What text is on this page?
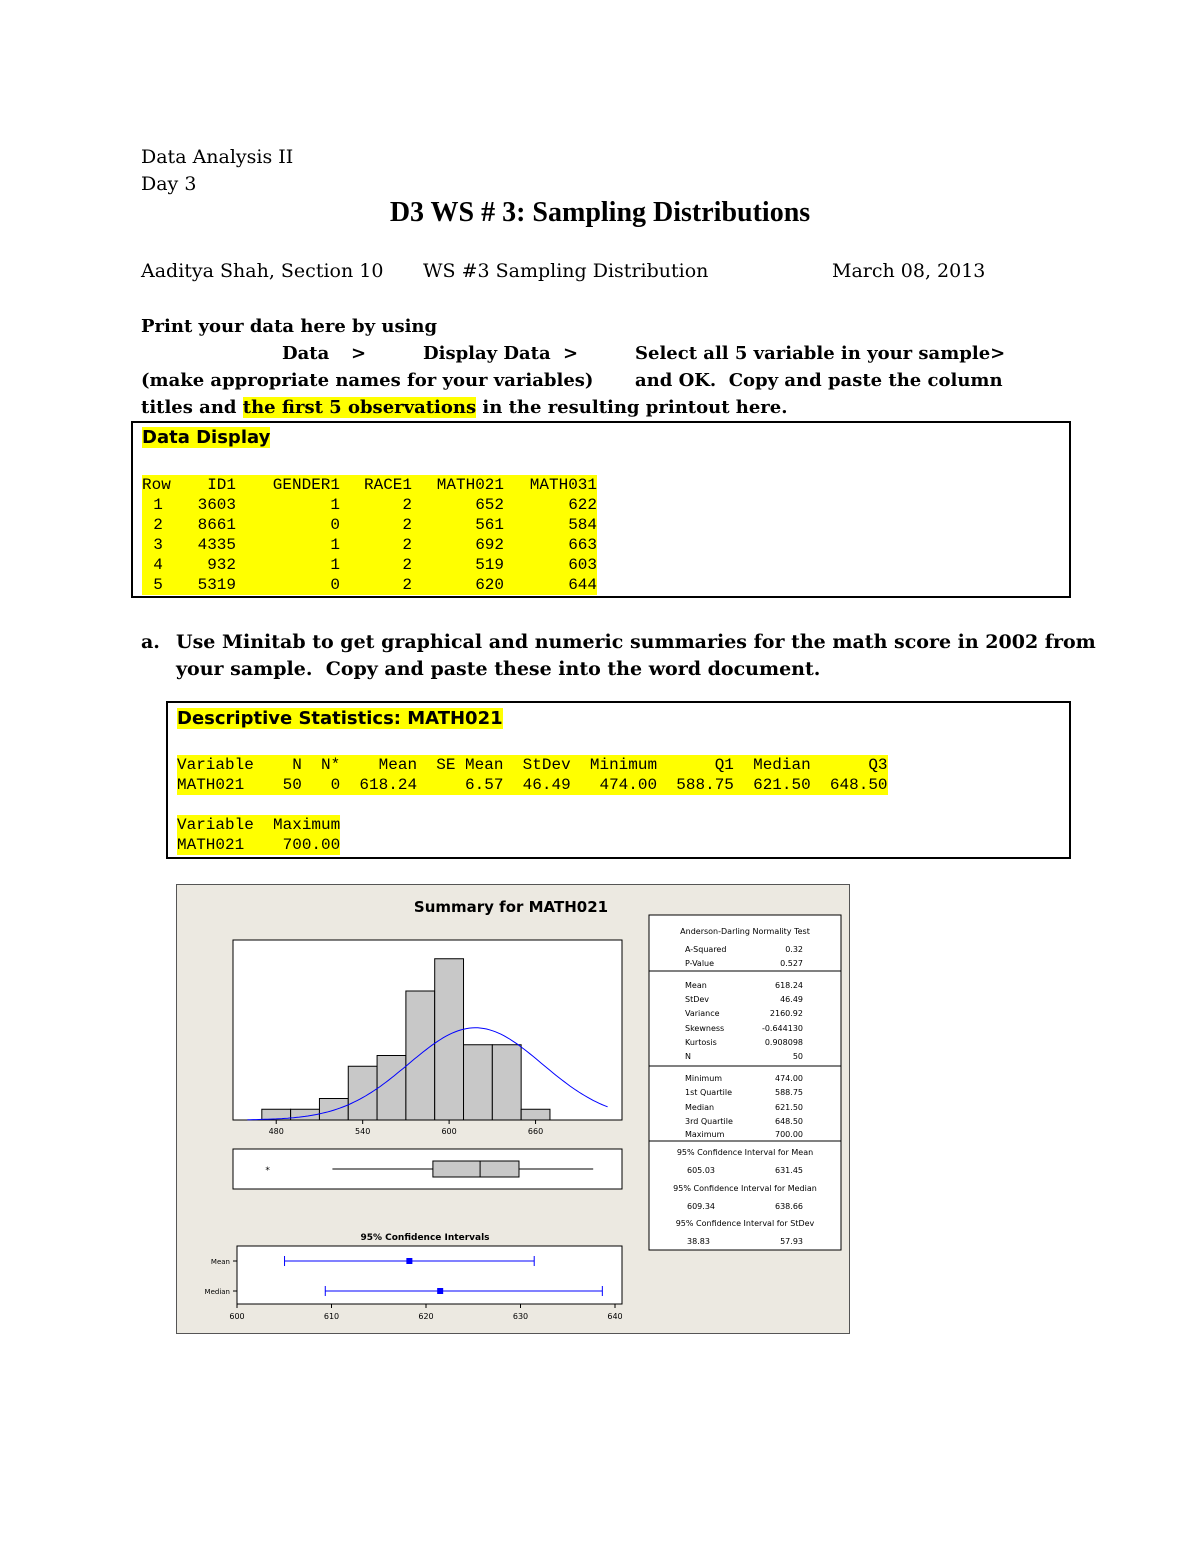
Data Analysis II
Day 3
D3 WS # 3: Sampling Distributions
Aaditya Shah, Section 10 WS #3 Sampling Distribution	March 08, 2013
Print your data here by using
Data >	Display Data >	Select all 5 variable in your sample>
(make appropriate names for your variables) and OK.  Copy and paste the column
titles and the first 5 observations in the resulting printout here.
Data Display
Row	ID1	GENDER1	RACE1	MATH021	MATH031
1	3603	1	2	652	622
2	8661	0	2	561	584
3	4335	1	2	692	663
4	932	1	2	519	603
5	5319	0	2	620	644
a. Use Minitab to get graphical and numeric summaries for the math score in 2002 from
your sample.  Copy and paste these into the word document.
Descriptive Statistics: MATH021
Variable    N  N*    Mean  SE Mean  StDev  Minimum      Q1  Median      Q3
MATH021    50   0  618.24     6.57  46.49   474.00  588.75  621.50  648.50
Variable  Maximum
MATH021    700.00
Summary for MATH021
480	540	600	660
*
95% Confidence Intervals
Mean
Median
600	610	620	630	640
Anderson-Darling Normality Test
A-Squared	0.32
P-Value	0.527
Mean	618.24
StDev	46.49
Variance	2160.92
Skewness	-0.644130
Kurtosis	0.908098
N	50
Minimum	474.00
1st Quartile	588.75
Median	621.50
3rd Quartile	648.50
Maximum	700.00
95% Confidence Interval for Mean
605.03	631.45
95% Confidence Interval for Median
609.34	638.66
95% Confidence Interval for StDev
38.83	57.93
